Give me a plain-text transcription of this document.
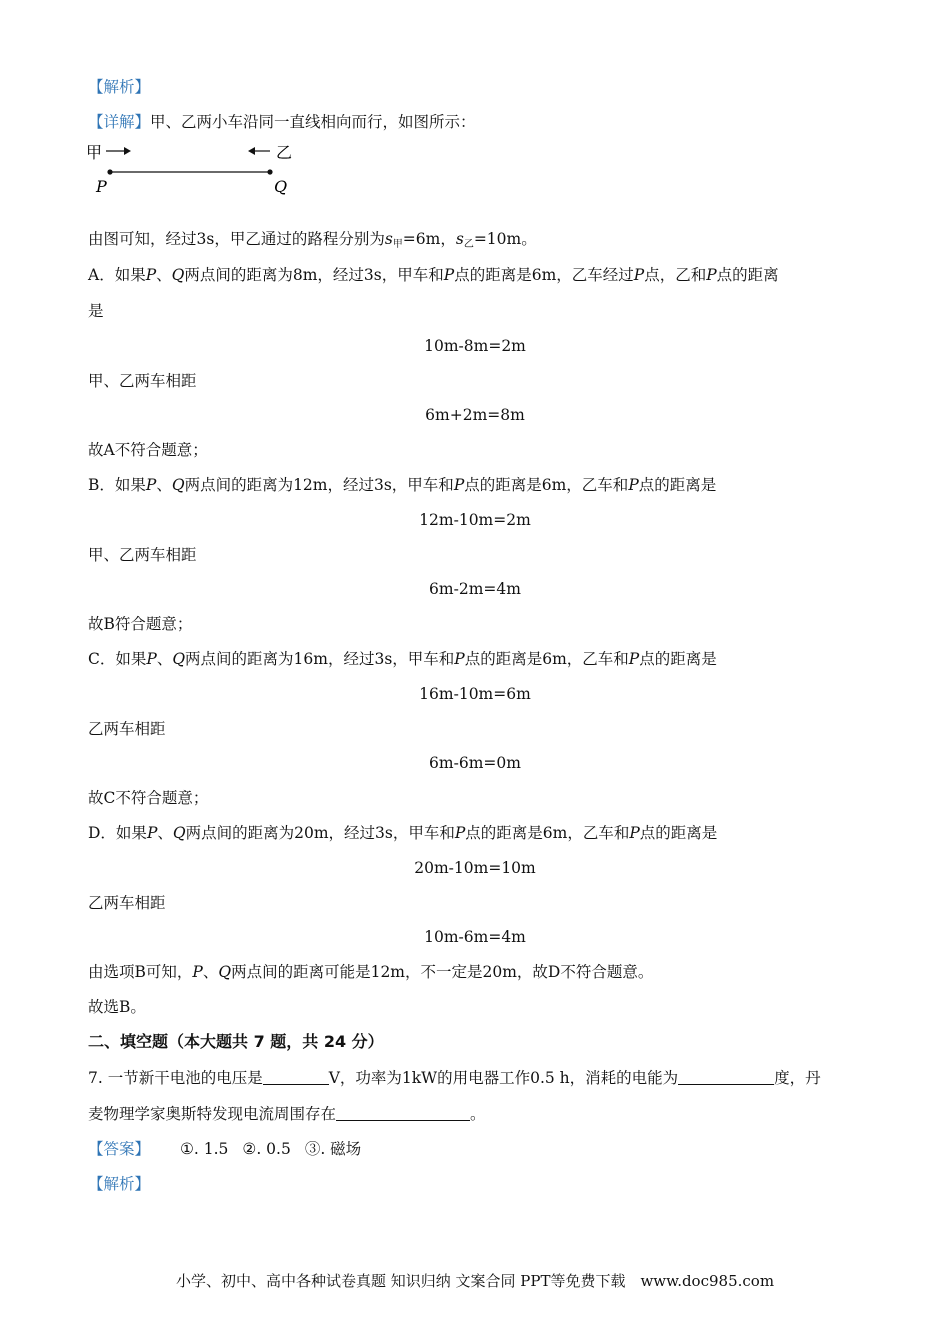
【解析】
【详解】甲、乙两小车沿同一直线相向而行，如图所示：
甲	乙
P	Q
由图可知，经过3s，甲乙通过的路程分别为$s_甲=6m$，$s_乙=10m$。
A．如果P、Q两点间的距离为8m，经过3s，甲车和P点的距离是6m，乙车经过P点，乙和P点的距离
是
10m-8m=2m
甲、乙两车相距
6m+2m=8m
故A不符合题意；
B．如果P、Q两点间的距离为12m，经过3s，甲车和P点的距离是6m，乙车和P点的距离是
12m-10m=2m
甲、乙两车相距
6m-2m=4m
故B符合题意；
C．如果P、Q两点间的距离为16m，经过3s，甲车和P点的距离是6m，乙车和P点的距离是
16m-10m=6m
乙两车相距
6m-6m=0m
故C不符合题意；
D．如果P、Q两点间的距离为20m，经过3s，甲车和P点的距离是6m，乙车和P点的距离是
20m-10m=10m
乙两车相距
10m-6m=4m
由选项B可知，P、Q两点间的距离可能是12m，不一定是20m，故D不符合题意。
故选B。
二、填空题（本大题共 7 题，共 24 分）
7. 一节新干电池的电压是	V，功率为1kW的用电器工作0.5 h，消耗的电能为	度，丹
麦物理学家奥斯特发现电流周围存在	。
【答案】 ①. 1.5 ②. 0.5 ③. 磁场
【解析】
小学、初中、高中各种试卷真题 知识归纳 文案合同 PPT等免费下载　www.doc985.com
